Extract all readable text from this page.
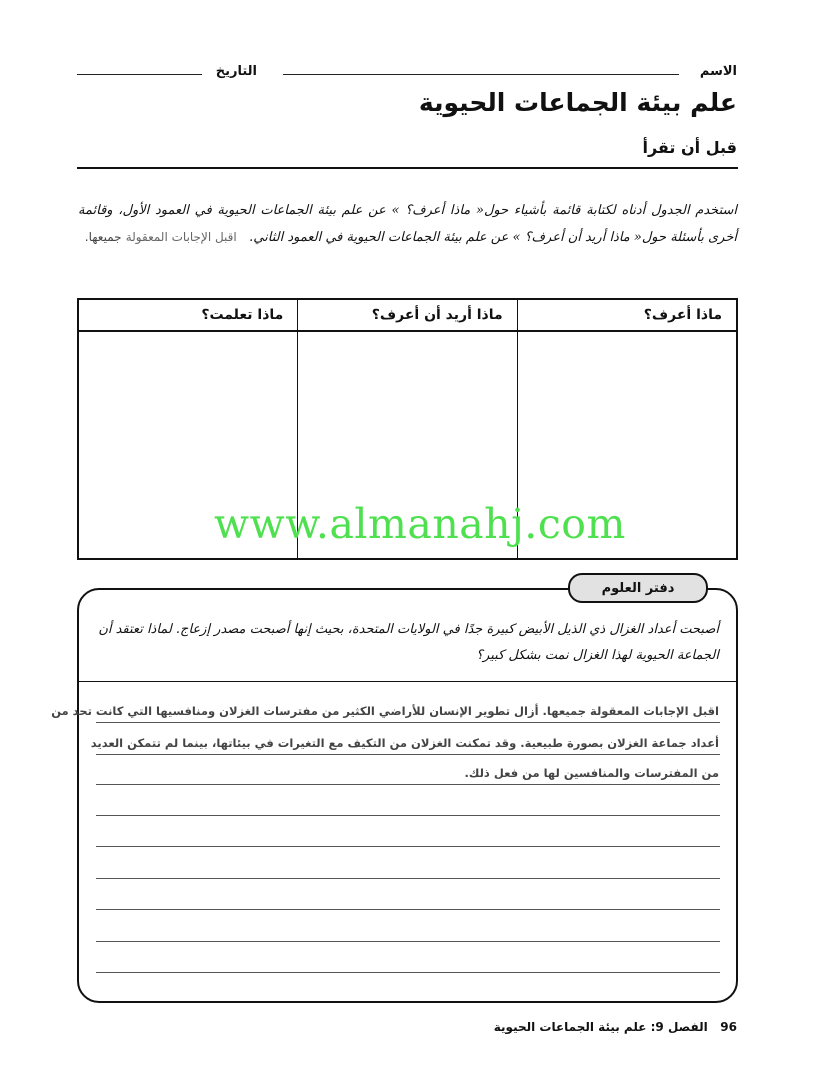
الاسم
التاريخ
علم بيئة الجماعات الحيوية
قبل أن تقرأ
استخدم الجدول أدناه لكتابة قائمة بأشياء حول« ماذا أعرف؟ » عن علم بيئة الجماعات الحيوية في العمود الأول، وقائمة أخرى بأسئلة حول« ماذا أريد أن أعرف؟ » عن علم بيئة الجماعات الحيوية في العمود الثاني.   اقبل الإجابات المعقولة جميعها.
ماذا أعرف؟
ماذا أريد أن أعرف؟
ماذا تعلمت؟
www.almanahj.com
دفتر العلوم
أصبحت أعداد الغزال ذي الذيل الأبيض كبيرة جدًا في الولايات المتحدة، بحيث إنها أصبحت مصدر إزعاج. لماذا تعتقد أن الجماعة الحيوية لهذا الغزال نمت بشكل كبير؟
اقبل الإجابات المعقولة جميعها. أزال تطوير الإنسان للأراضي الكثير من مفترسات الغزلان ومنافسيها التي كانت تحد من
أعداد جماعة الغزلان بصورة طبيعية. وقد تمكنت الغزلان من التكيف مع التغيرات في بيئاتها، بينما لم تتمكن العديد
من المفترسات والمنافسين لها من فعل ذلك.
96   الفصل 9: علم بيئة الجماعات الحيوية
